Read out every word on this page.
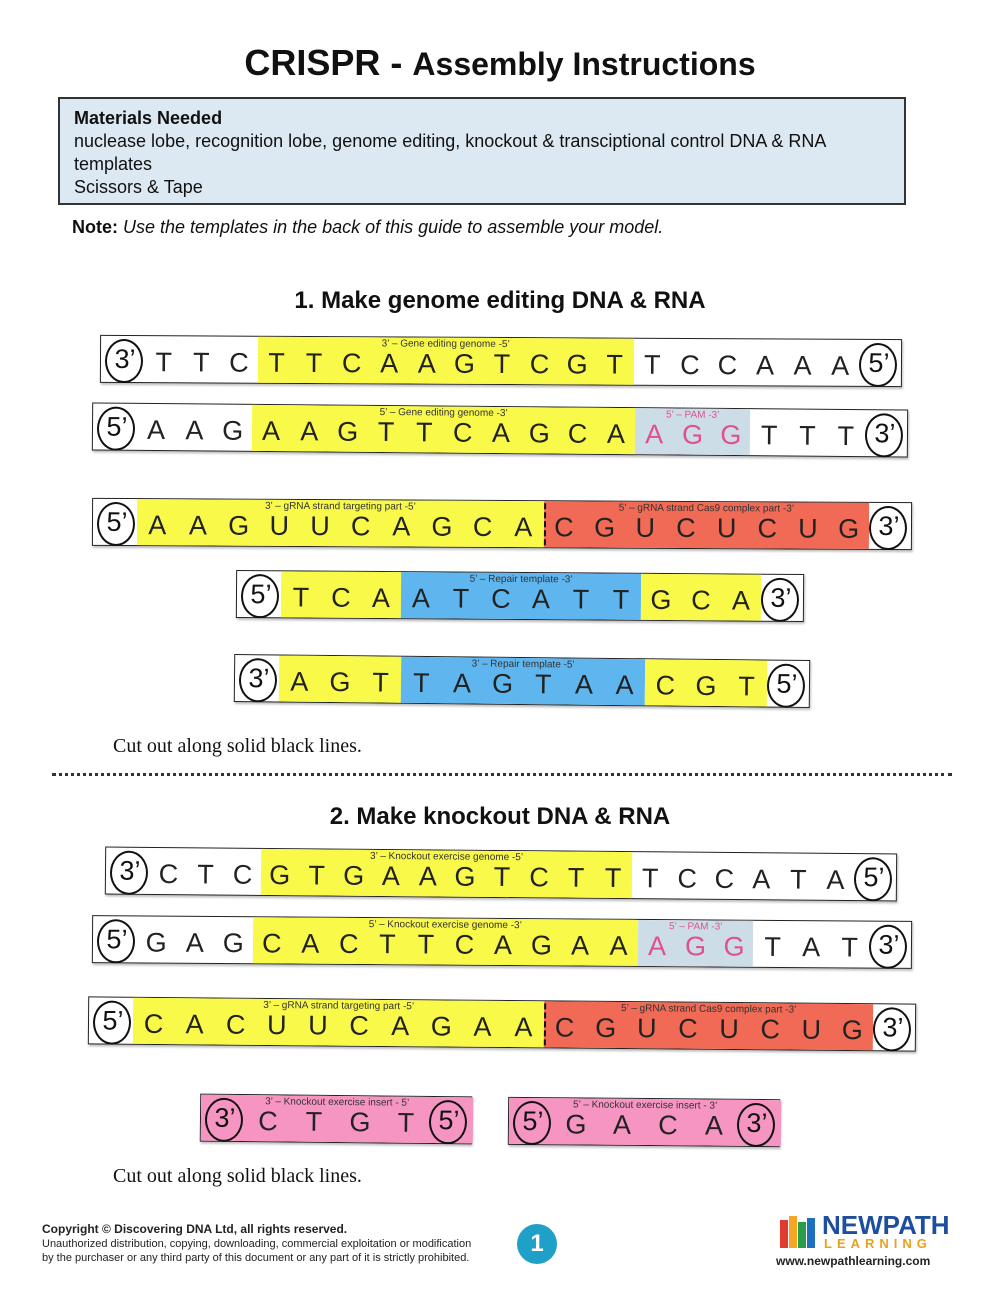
CRISPR - Assembly Instructions
Materials Needed
nuclease lobe, recognition lobe, genome editing, knockout & transciptional control DNA & RNA
templates
Scissors & Tape
Note: Use the templates in the back of this guide to assemble your model.
1. Make genome editing DNA & RNA
3’ – Gene editing genome -5’
T T C T T C A A G T C G T T C C A A A
3’	5’
5’ – Gene editing genome -3’	5’ – PAM -3’
A A G A A G T T C A G C A A G G T T T
5’	3’
3’ – gRNA strand targeting part -5’	5’ – gRNA strand Cas9 complex part -3’
A A G U U C A G C A C G U C U C U G
5’	3’
5’ – Repair template -3’
T C A A T C A T T G C A
5’	3’
3’ – Repair template -5’
A G T T A G T A A C G T
3’	5’
Cut out along solid black lines.
2. Make knockout DNA & RNA
3’ – Knockout exercise genome -5’
C T C G T G A A G T C T T T C C A T A
3’	5’
5’ – Knockout exercise genome -3’	5’ – PAM -3’
G A G C A C T T C A G A A A G G T A T
5’	3’
3’ – gRNA strand targeting part -5’	5’ – gRNA strand Cas9 complex part -3’
C A C U U C A G A A C G U C U C U G
5’	3’
3’ – Knockout exercise insert - 5’
C T G T
3’	5’	5’ – Knockout exercise insert - 3’
G A C A
5’	3’
Cut out along solid black lines.
Copyright © Discovering DNA Ltd, all rights reserved.
Unauthorized distribution, copying, downloading, commercial exploitation or modification
by the purchaser or any third party of this document or any part of it is strictly prohibited.
1
NEWPATH
LEARNING
www.newpathlearning.com
